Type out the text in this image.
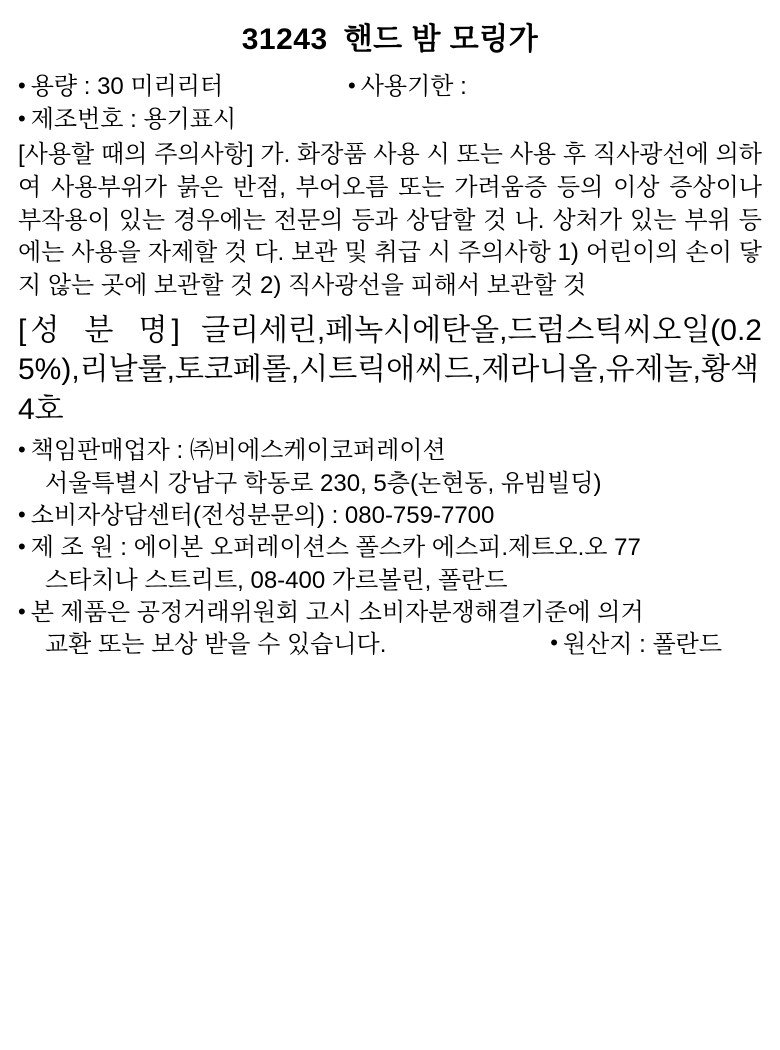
31243 핸드 밤 모링가
• 용량 : 30 미리리터	• 사용기한 :
• 제조번호 : 용기표시

[사용할 때의 주의사항] 가. 화장품 사용 시 또는 사용 후 직사광선에 의하여 사용부위가 붉은 반점, 부어오름 또는 가려움증 등의 이상 증상이나 부작용이 있는 경우에는 전문의 등과 상담할 것 나. 상처가 있는 부위 등에는 사용을 자제할 것 다. 보관 및 취급 시 주의사항 1) 어린이의 손이 닿지 않는 곳에 보관할 것 2) 직사광선을 피해서 보관할 것

[성 분 명] 글리세린,페녹시에탄올,드럼스틱씨오일(0.25%),리날룰,토코페롤,시트릭애씨드,제라니올,유제놀,황색4호

• 책임판매업자 : ㈜비에스케이코퍼레이션
서울특별시 강남구 학동로 230, 5층(논현동, 유빔빌딩)
• 소비자상담센터(전성분문의) : 080-759-7700
• 제 조 원 : 에이본 오퍼레이션스 폴스카 에스피.제트오.오 77
스타치나 스트리트, 08-400 가르볼린, 폴란드
• 본 제품은 공정거래위원회 고시 소비자분쟁해결기준에 의거
교환 또는 보상 받을 수 있습니다.	• 원산지 : 폴란드
